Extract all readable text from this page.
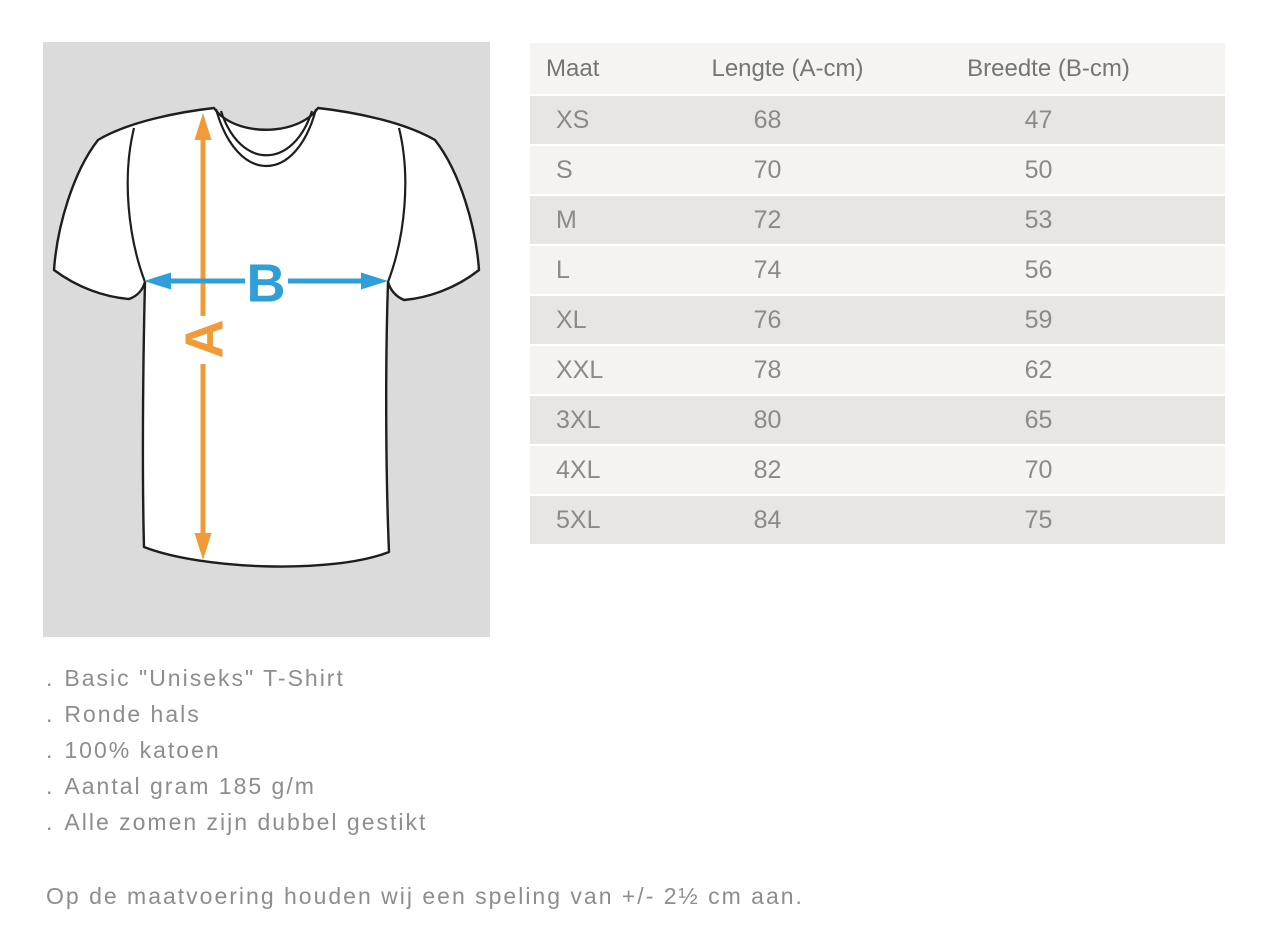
A
B
Maat	Lengte (A-cm)	Breedte (B-cm)
XS	68	47
S	70	50
M	72	53
L	74	56
XL	76	59
XXL	78	62
3XL	80	65
4XL	82	70
5XL	84	75
. Basic "Uniseks" T-Shirt
. Ronde hals
. 100% katoen
. Aantal gram 185 g/m
. Alle zomen zijn dubbel gestikt
Op de maatvoering houden wij een speling van +/- 2½ cm aan.
